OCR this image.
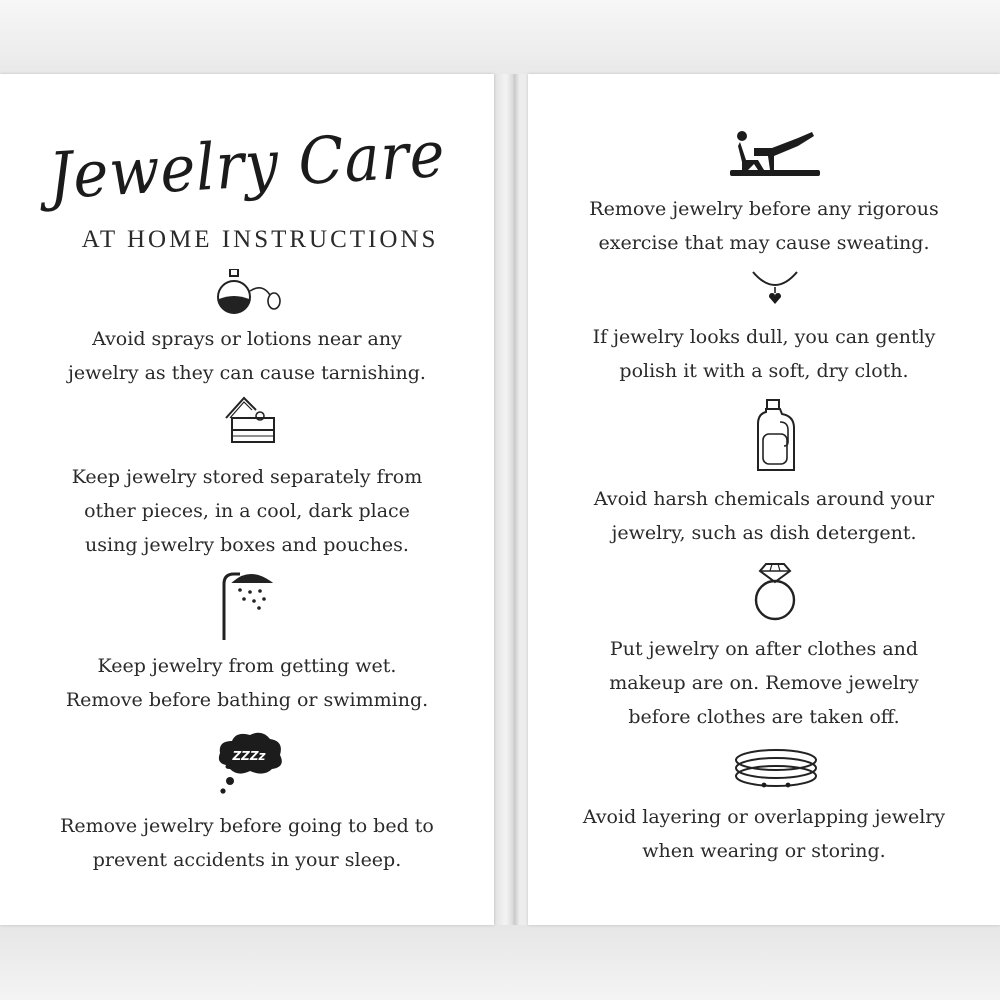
Jewelry Care
AT HOME INSTRUCTIONS
Avoid sprays or lotions near any
jewelry as they can cause tarnishing.
Keep jewelry stored separately from
other pieces, in a cool, dark place
using jewelry boxes and pouches.
Keep jewelry from getting wet.
Remove before bathing or swimming.
ZZZz
Remove jewelry before going to bed to
prevent accidents in your sleep.
Remove jewelry before any rigorous
exercise that may cause sweating.
If jewelry looks dull, you can gently
polish it with a soft, dry cloth.
Avoid harsh chemicals around your
jewelry, such as dish detergent.
Put jewelry on after clothes and
makeup are on. Remove jewelry
before clothes are taken off.
Avoid layering or overlapping jewelry
when wearing or storing.
